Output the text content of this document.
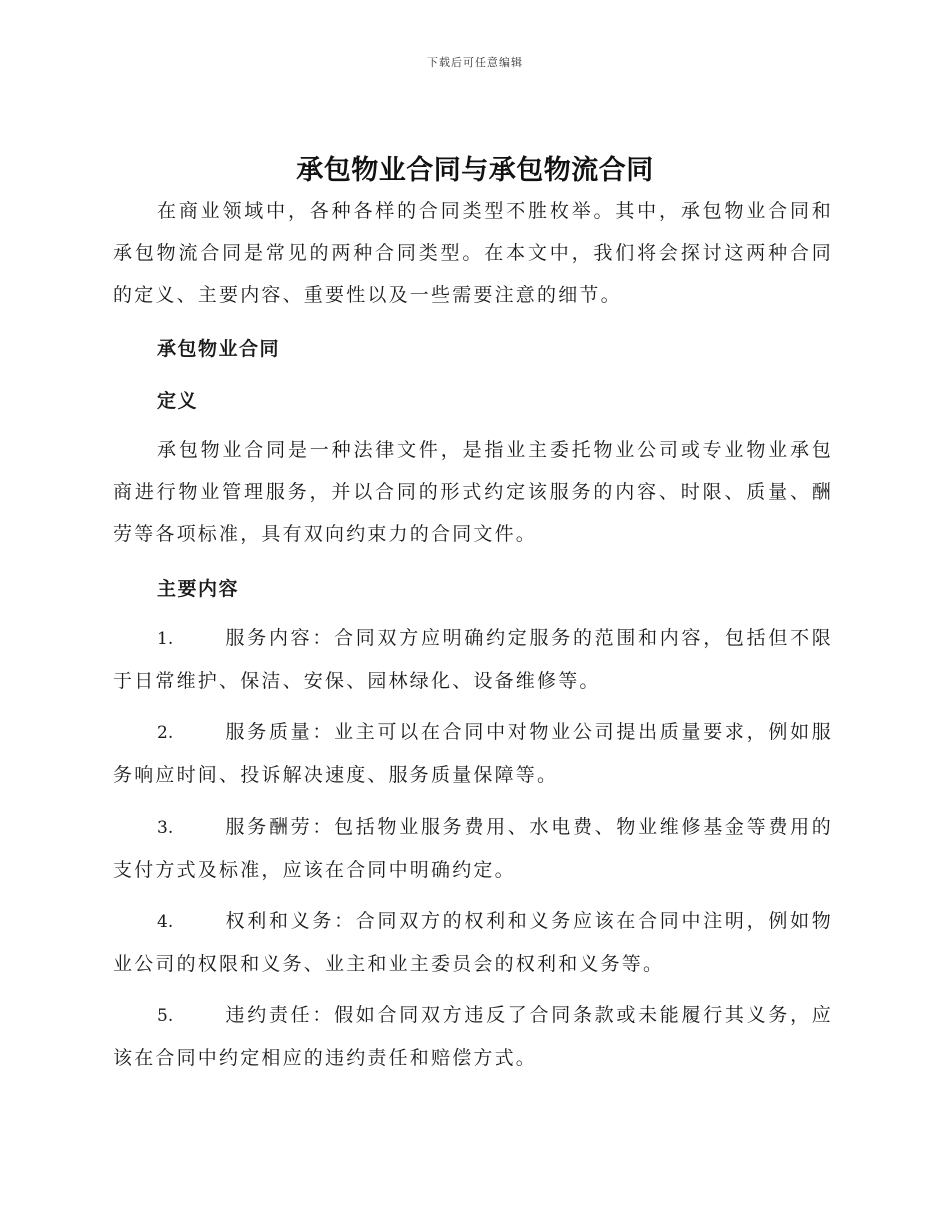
下载后可任意编辑
承包物业合同与承包物流合同

在商业领域中，各种各样的合同类型不胜枚举。其中，承包物业合同和承包物流合同是常见的两种合同类型。在本文中，我们将会探讨这两种合同的定义、主要内容、重要性以及一些需要注意的细节。

承包物业合同

定义

承包物业合同是一种法律文件，是指业主委托物业公司或专业物业承包商进行物业管理服务，并以合同的形式约定该服务的内容、时限、质量、酬劳等各项标准，具有双向约束力的合同文件。

主要内容

1.	服务内容：合同双方应明确约定服务的范围和内容，包括但不限于日常维护、保洁、安保、园林绿化、设备维修等。

2.	服务质量：业主可以在合同中对物业公司提出质量要求，例如服务响应时间、投诉解决速度、服务质量保障等。

3.	服务酬劳：包括物业服务费用、水电费、物业维修基金等费用的支付方式及标准，应该在合同中明确约定。

4.	权利和义务：合同双方的权利和义务应该在合同中注明，例如物业公司的权限和义务、业主和业主委员会的权利和义务等。

5.	违约责任：假如合同双方违反了合同条款或未能履行其义务，应该在合同中约定相应的违约责任和赔偿方式。
